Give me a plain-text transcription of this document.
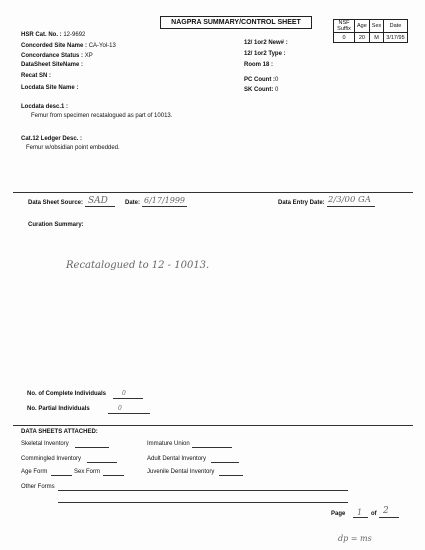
NAGPRA SUMMARY/CONTROL SHEET	NSF
Suffix	Age	Sex	Date
0	20	M	3/17/95
HSR Cat. No. : 12-9692
Concorded Site Name : CA-Yol-13
Concordance Status : XP
DataSheet SiteName :
Recat SN :
Locdata Site Name :
12/ 1or2 New# :
12/ 1or2 Type :
Room 18 :
PC Count :0
SK Count: 0
Locdata desc.1 :
Femur from specimen recatalogued as part of 10013.
Cat.12 Ledger Desc. :
Femur w/obsidian point embedded.
Data Sheet Source: SAD	Date: 6/17/1999	Data Entry Date: 2/3/00 GA
Curation Summary:
Recatalogued to 12 - 10013.
No. of Complete Individuals	0
No. Partial Individuals	0
DATA SHEETS ATTACHED:
Skeletal Inventory	Immature Union
Commingled Inventory	Adult Dental Inventory
Age Form	Sex Form	Juvenile Dental Inventory
Other Forms
Page 1 of 2
dp = ms
